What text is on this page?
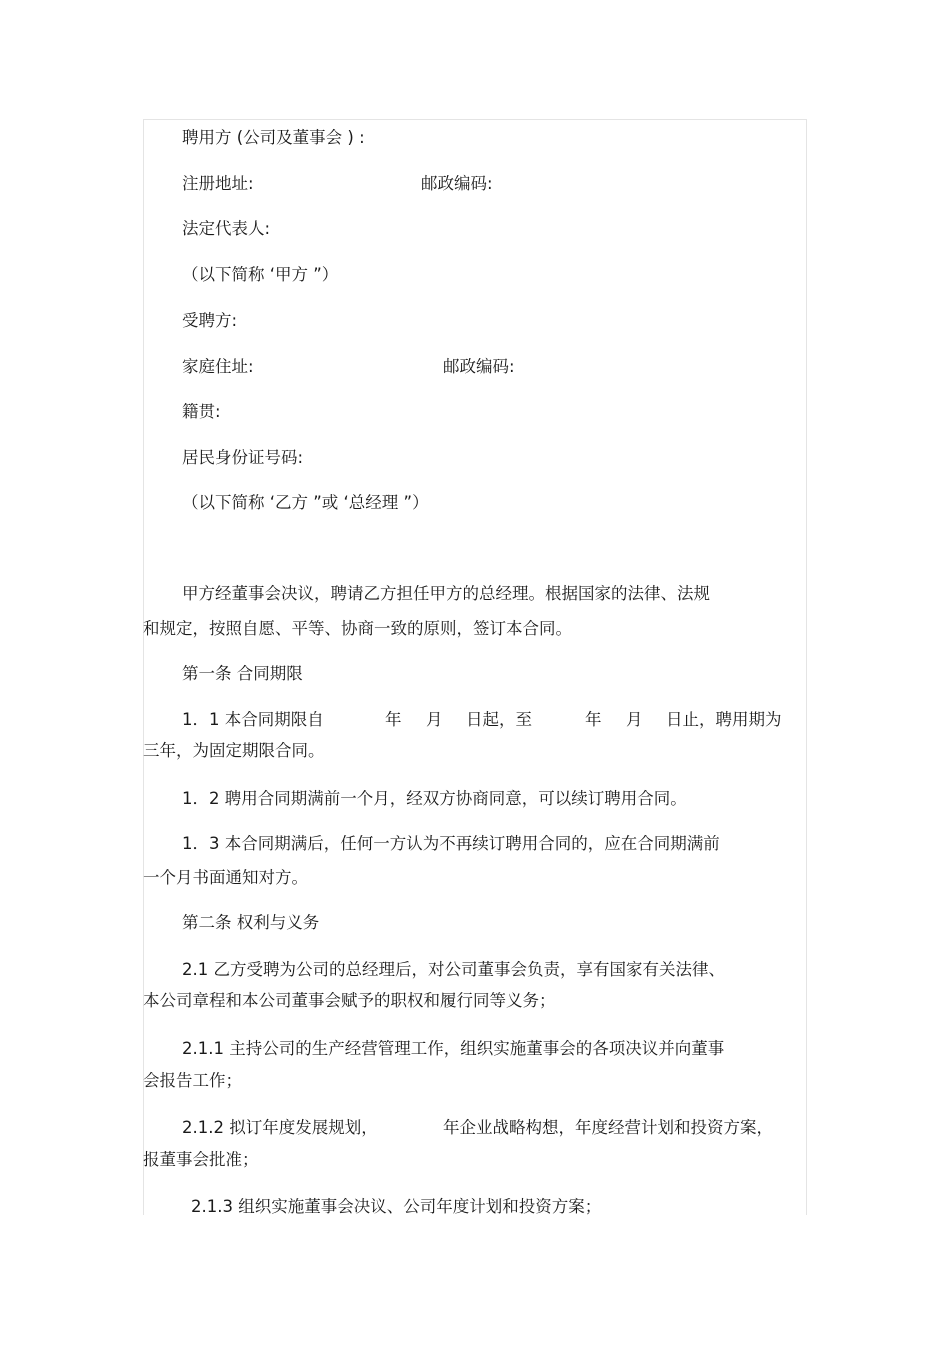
聘用方 (公司及董事会 ) :
注册地址:	邮政编码:
法定代表人:
（以下简称 ‘甲方 ”）
受聘方:
家庭住址:	邮政编码:
籍贯:
居民身份证号码:
（以下简称 ‘乙方 ”或 ‘总经理 ”）
甲方经董事会决议，聘请乙方担任甲方的总经理。根据国家的法律、法规
和规定，按照自愿、平等、协商一致的原则，签订本合同。
第一条 合同期限
1．1 本合同期限自	年 月 日起，至	年 月 日止，聘用期为
三年，为固定期限合同。
1．2 聘用合同期满前一个月，经双方协商同意，可以续订聘用合同。
1．3 本合同期满后，任何一方认为不再续订聘用合同的，应在合同期满前
一个月书面通知对方。
第二条 权利与义务
2.1 乙方受聘为公司的总经理后，对公司董事会负责，享有国家有关法律、
本公司章程和本公司董事会赋予的职权和履行同等义务；
2.1.1 主持公司的生产经营管理工作，组织实施董事会的各项决议并向董事
会报告工作；
2.1.2 拟订年度发展规划，	年企业战略构想，年度经营计划和投资方案，
报董事会批准；
2.1.3 组织实施董事会决议、公司年度计划和投资方案；
